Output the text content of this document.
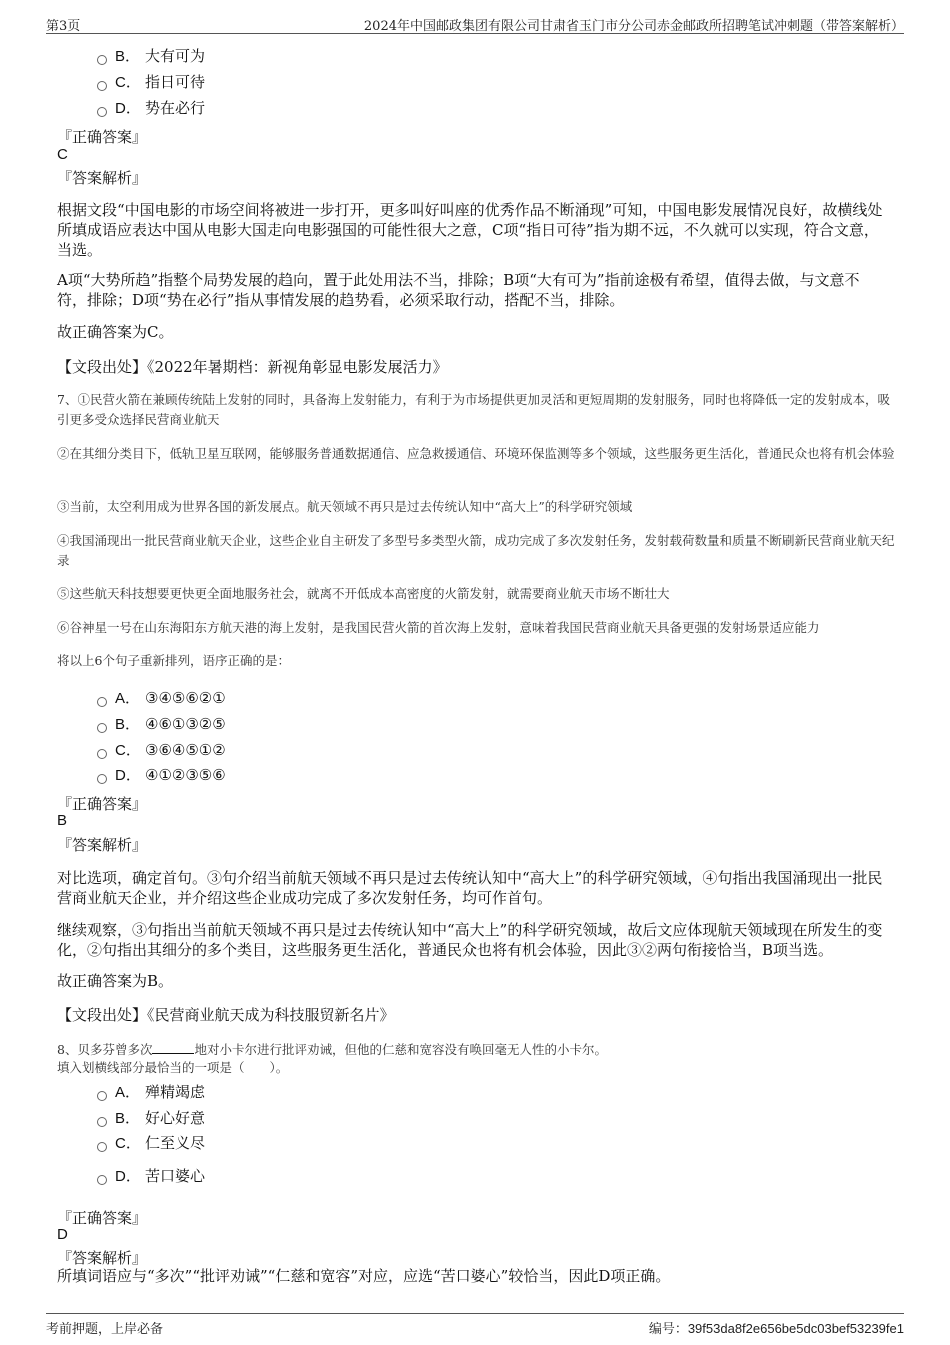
第3页	2024年中国邮政集团有限公司甘肃省玉门市分公司赤金邮政所招聘笔试冲刺题（带答案解析）
B． 大有可为
C． 指日可待
D． 势在必行
『正确答案』
C
『答案解析』
根据文段“中国电影的市场空间将被进一步打开，更多叫好叫座的优秀作品不断涌现”可知，中国电影发展情况良好，故横线处所填成语应表达中国从电影大国走向电影强国的可能性很大之意，C项“指日可待”指为期不远，不久就可以实现，符合文意，当选。
A项“大势所趋”指整个局势发展的趋向，置于此处用法不当，排除；B项“大有可为”指前途极有希望，值得去做，与文意不符，排除；D项“势在必行”指从事情发展的趋势看，必须采取行动，搭配不当，排除。
故正确答案为C。
【文段出处】《2022年暑期档：新视角彰显电影发展活力》
7、①民营火箭在兼顾传统陆上发射的同时，具备海上发射能力，有利于为市场提供更加灵活和更短周期的发射服务，同时也将降低一定的发射成本，吸引更多受众选择民营商业航天
②在其细分类目下，低轨卫星互联网，能够服务普通数据通信、应急救援通信、环境环保监测等多个领域，这些服务更生活化，普通民众也将有机会体验
③当前，太空利用成为世界各国的新发展点。航天领域不再只是过去传统认知中“高大上”的科学研究领域
④我国涌现出一批民营商业航天企业，这些企业自主研发了多型号多类型火箭，成功完成了多次发射任务，发射载荷数量和质量不断刷新民营商业航天纪录
⑤这些航天科技想要更快更全面地服务社会，就离不开低成本高密度的火箭发射，就需要商业航天市场不断壮大
⑥谷神星一号在山东海阳东方航天港的海上发射，是我国民营火箭的首次海上发射，意味着我国民营商业航天具备更强的发射场景适应能力
将以上6个句子重新排列，语序正确的是：
A． ③④⑤⑥②①
B． ④⑥①③②⑤
C． ③⑥④⑤①②
D． ④①②③⑤⑥
『正确答案』
B
『答案解析』
对比选项，确定首句。③句介绍当前航天领域不再只是过去传统认知中“高大上”的科学研究领域，④句指出我国涌现出一批民营商业航天企业，并介绍这些企业成功完成了多次发射任务，均可作首句。
继续观察，③句指出当前航天领域不再只是过去传统认知中“高大上”的科学研究领域，故后文应体现航天领域现在所发生的变化，②句指出其细分的多个类目，这些服务更生活化，普通民众也将有机会体验，因此③②两句衔接恰当，B项当选。
故正确答案为B。
【文段出处】《民营商业航天成为科技服贸新名片》
8、贝多芬曾多次	地对小卡尔进行批评劝诫，但他的仁慈和宽容没有唤回毫无人性的小卡尔。
填入划横线部分最恰当的一项是（　　）。
A． 殚精竭虑
B． 好心好意
C． 仁至义尽
D． 苦口婆心
『正确答案』
D
『答案解析』
所填词语应与“多次”“批评劝诫”“仁慈和宽容”对应，应选“苦口婆心”较恰当，因此D项正确。
考前押题，上岸必备	编号：39f53da8f2e656be5dc03bef53239fe1
